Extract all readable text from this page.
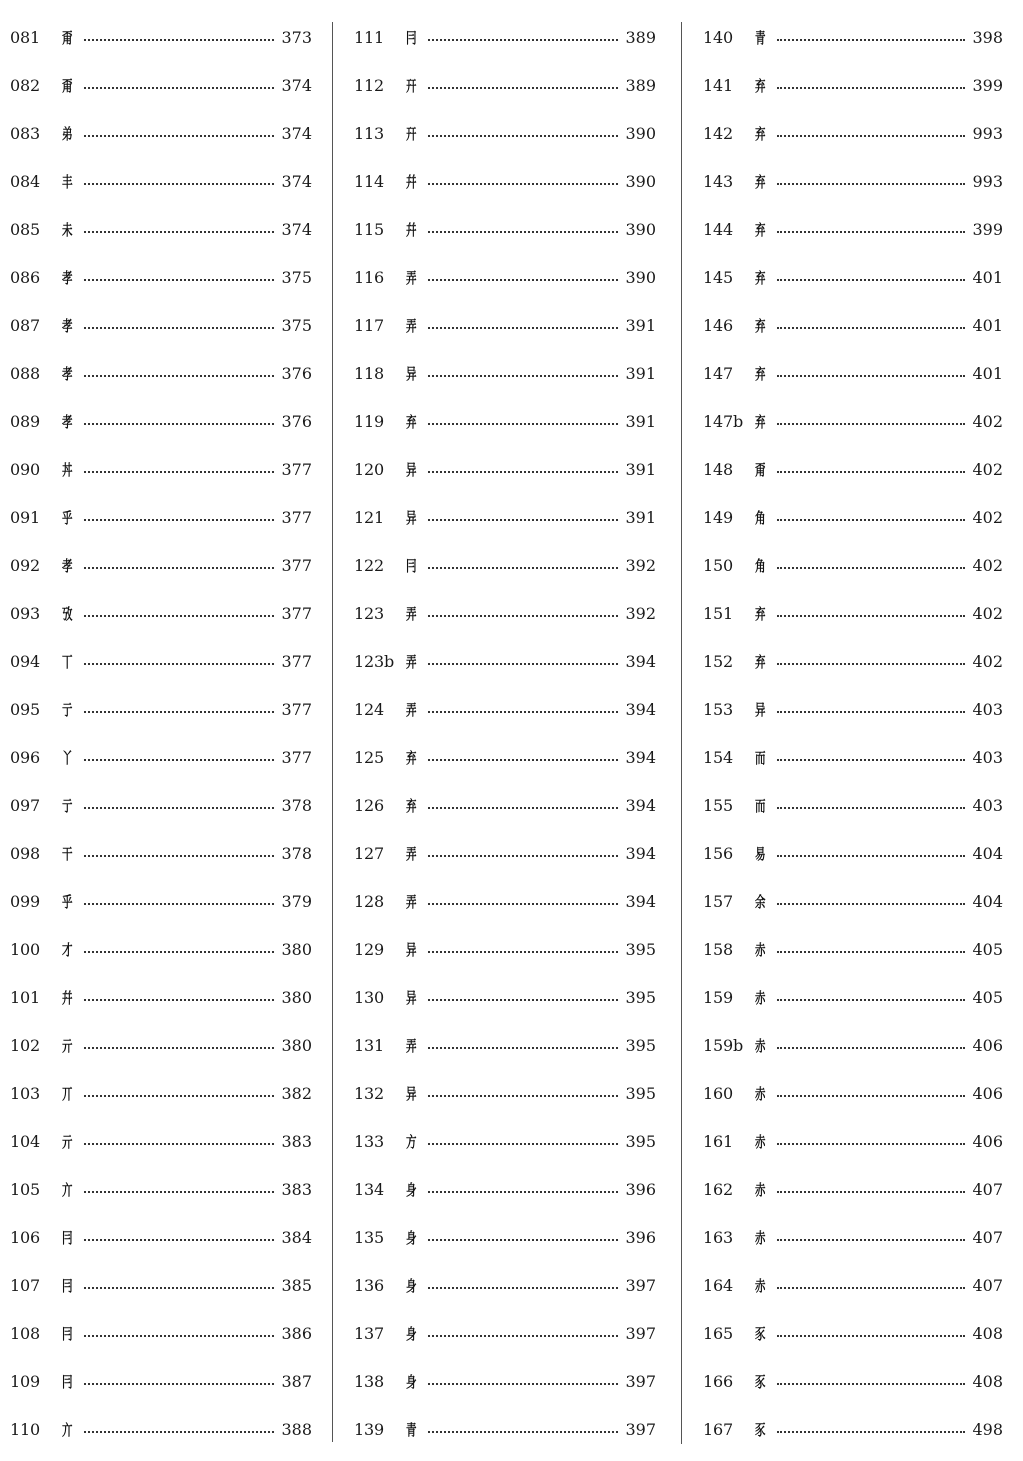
081	甭	373
082	甭	374
083	弟	374
084	丰	374
085	未	374
086	孝	375
087	孝	375
088	孝	376
089	孝	376
090	丼	377
091	乎	377
092	孝	377
093	攷	377
094	丅	377
095	亍	377
096	丫	377
097	亍	378
098	干	378
099	乎	379
100	才	380
101	幷	380
102	亓	380
103	丌	382
104	亓	383
105	亣	383
106	冃	384
107	冃	385
108	冃	386
109	冃	387
110	亣	388
111	冃	389
112	幵	389
113	幵	390
114	幷	390
115	幷	390
116	弄	390
117	弄	391
118	异	391
119	弃	391
120	异	391
121	异	391
122	冃	392
123	弄	392
123b 弄	394
124	弄	394
125	弃	394
126	弃	394
127	弄	394
128	弄	394
129	异	395
130	异	395
131	弄	395
132	异	395
133	方	395
134	身	396
135	身	396
136	身	397
137	身	397
138	身	397
139	青	397
140	青	398
141	弃	399
142	弃	993
143	弃	993
144	弃	399
145	弃	401
146	弃	401
147	弃	401
147b 弃	402
148	甭	402
149	角	402
150	角	402
151	弃	402
152	弃	402
153	异	403
154	而	403
155	而	403
156	易	404
157	余	404
158	赤	405
159	赤	405
159b 赤	406
160	赤	406
161	赤	406
162	赤	407
163	赤	407
164	赤	407
165	豕	408
166	豕	408
167	豕	498
